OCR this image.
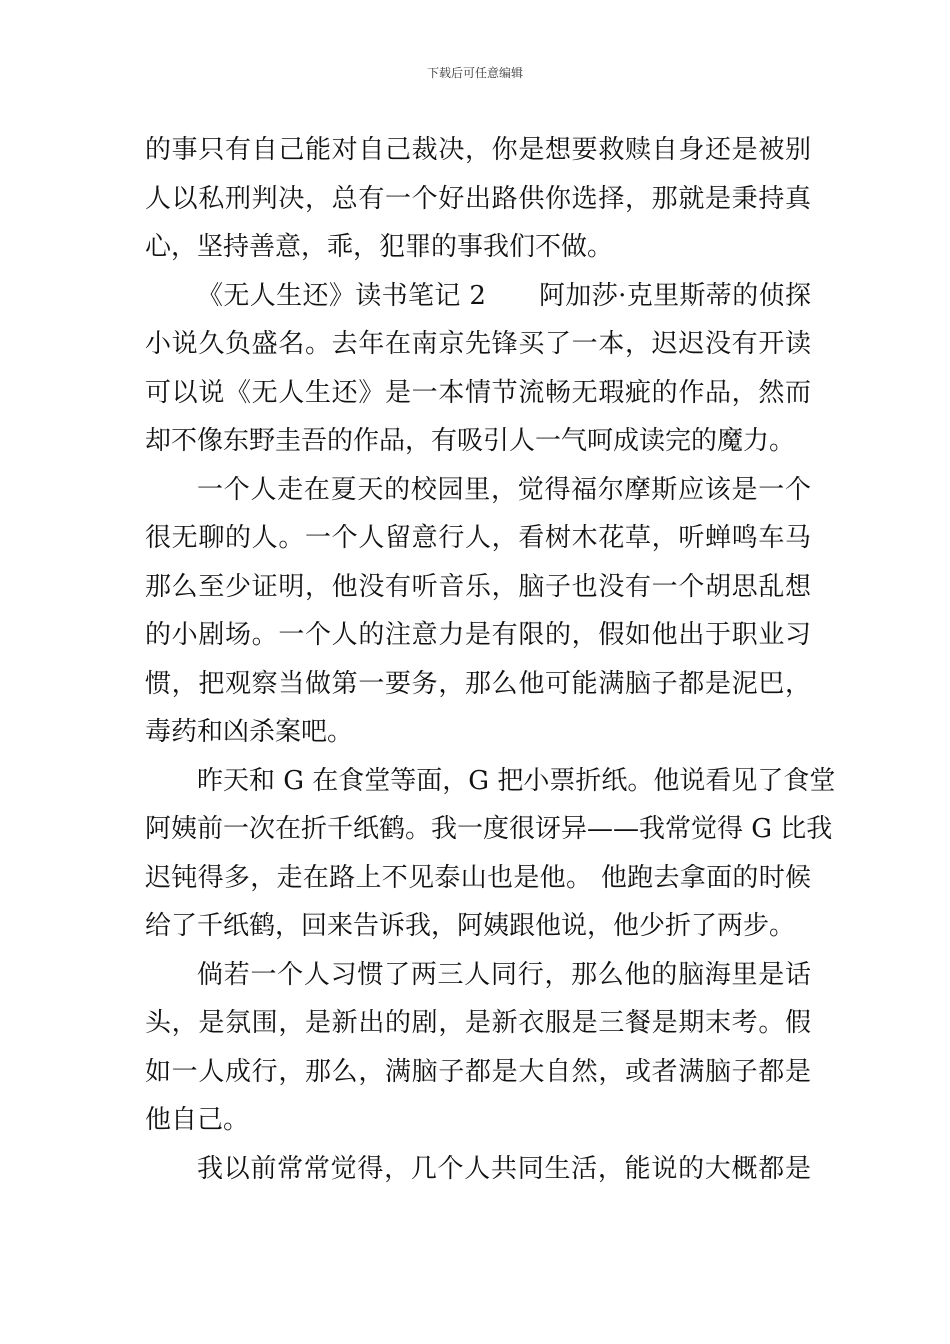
下载后可任意编辑
的事只有自己能对自己裁决，你是想要救赎自身还是被别
人以私刑判决，总有一个好出路供你选择，那就是秉持真
心，坚持善意，乖，犯罪的事我们不做。
《无人生还》读书笔记 2　　阿加莎·克里斯蒂的侦探
小说久负盛名。去年在南京先锋买了一本，迟迟没有开读
可以说《无人生还》是一本情节流畅无瑕疵的作品，然而
却不像东野圭吾的作品，有吸引人一气呵成读完的魔力。
一个人走在夏天的校园里，觉得福尔摩斯应该是一个
很无聊的人。一个人留意行人，看树木花草，听蝉鸣车马
那么至少证明，他没有听音乐，脑子也没有一个胡思乱想
的小剧场。一个人的注意力是有限的，假如他出于职业习
惯，把观察当做第一要务，那么他可能满脑子都是泥巴，
毒药和凶杀案吧。
昨天和 G 在食堂等面，G 把小票折纸。他说看见了食堂
阿姨前一次在折千纸鹤。我一度很讶异——我常觉得 G 比我
迟钝得多，走在路上不见泰山也是他。 他跑去拿面的时候
给了千纸鹤，回来告诉我，阿姨跟他说，他少折了两步。
倘若一个人习惯了两三人同行，那么他的脑海里是话
头，是氛围，是新出的剧，是新衣服是三餐是期末考。假
如一人成行，那么，满脑子都是大自然，或者满脑子都是
他自己。
我以前常常觉得，几个人共同生活，能说的大概都是
